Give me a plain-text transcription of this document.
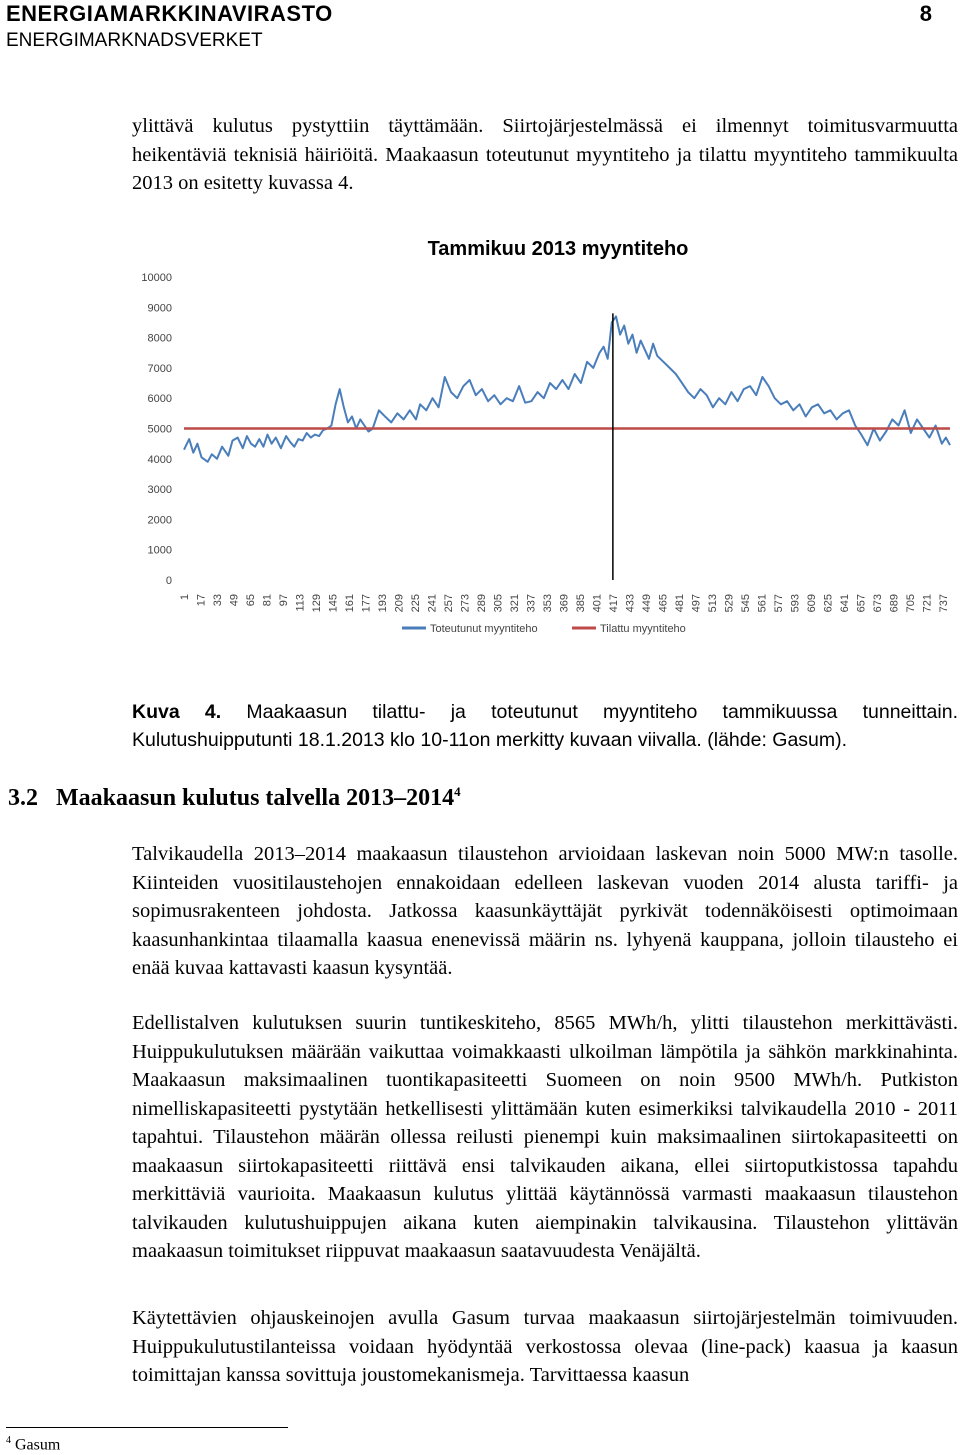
ENERGIAMARKKINAVIRASTO
ENERGIMARKNADSVERKET
8

ylittävä kulutus pystyttiin täyttämään. Siirtojärjestelmässä ei ilmennyt toimitusvarmuutta heikentäviä teknisiä häiriöitä. Maakaasun toteutunut myyntiteho ja tilattu myyntiteho tammikuulta 2013 on esitetty kuvassa 4.

Tammikuu 2013 myyntiteho
0
1000
2000
3000
4000
5000
6000
7000
8000
9000
10000
1 17 33 49 65 81 97 113 129 145 161 177 193 209 225 241 257 273 289 305 321 337 353 369 385 401 417 433 449 465 481 497 513 529 545 561 577 593 609 625 641 657 673 689 705 721 737
Toteutunut myyntiteho	Tilattu myyntiteho

Kuva 4. Maakaasun tilattu- ja toteutunut myyntiteho tammikuussa tunneittain. Kulutushuipputunti 18.1.2013 klo 10-11on merkitty kuvaan viivalla. (lähde: Gasum).

3.2 Maakaasun kulutus talvella 2013–2014$^4$

Talvikaudella 2013–2014 maakaasun tilaustehon arvioidaan laskevan noin 5000 MW:n tasolle. Kiinteiden vuositilaustehojen ennakoidaan edelleen laskevan vuoden 2014 alusta tariffi- ja sopimusrakenteen johdosta. Jatkossa kaasunkäyttäjät pyrkivät todennäköisesti optimoimaan kaasunhankintaa tilaamalla kaasua enenevissä määrin ns. lyhyenä kauppana, jolloin tilausteho ei enää kuvaa kattavasti kaasun kysyntää.

Edellistalven kulutuksen suurin tuntikeskiteho, 8565 MWh/h, ylitti tilaustehon merkittävästi. Huippukulutuksen määrään vaikuttaa voimakkaasti ulkoilman lämpötila ja sähkön markkinahinta. Maakaasun maksimaalinen tuontikapasiteetti Suomeen on noin 9500 MWh/h. Putkiston nimelliskapasiteetti pystytään hetkellisesti ylittämään kuten esimerkiksi talvikaudella 2010 - 2011 tapahtui. Tilaustehon määrän ollessa reilusti pienempi kuin maksimaalinen siirtokapasiteetti on maakaasun siirtokapasiteetti riittävä ensi talvikauden aikana, ellei siirtoputkistossa tapahdu merkittäviä vaurioita. Maakaasun kulutus ylittää käytännössä varmasti maakaasun tilaustehon talvikauden kulutushuippujen aikana kuten aiempinakin talvikausina. Tilaustehon ylittävän maakaasun toimitukset riippuvat maakaasun saatavuudesta Venäjältä.

Käytettävien ohjauskeinojen avulla Gasum turvaa maakaasun siirtojärjestelmän toimivuuden. Huippukulutustilanteissa voidaan hyödyntää verkostossa olevaa (line-pack) kaasua ja kaasun toimittajan kanssa sovittuja joustomekanismeja. Tarvittaessa kaasun

$^4$ Gasum
